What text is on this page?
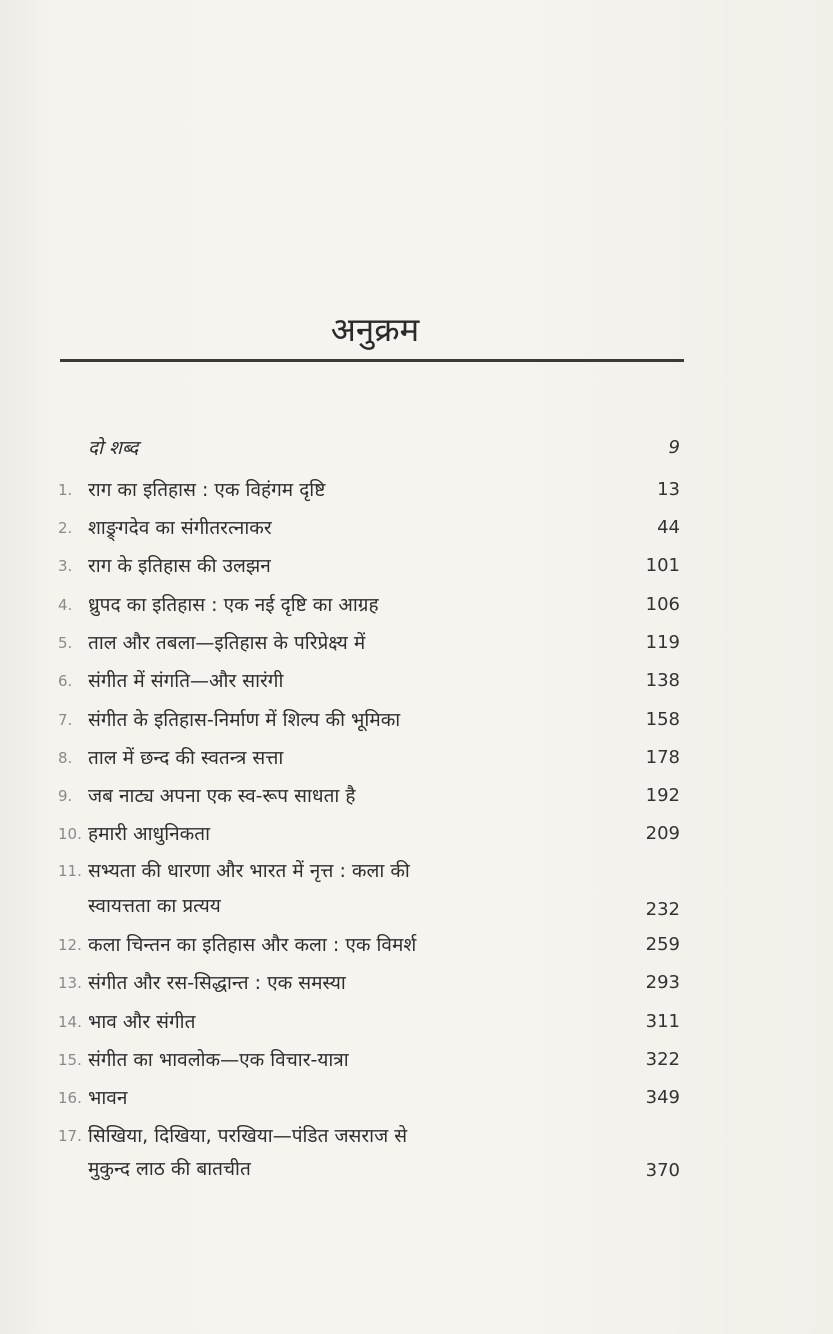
अनुक्रम
दो शब्द	9
1. राग का इतिहास : एक विहंगम दृष्टि	13
2. शाङ्र्गदेव का संगीतरत्नाकर	44
3. राग के इतिहास की उलझन	101
4. ध्रुपद का इतिहास : एक नई दृष्टि का आग्रह	106
5. ताल और तबला—इतिहास के परिप्रेक्ष्य में	119
6. संगीत में संगति—और सारंगी	138
7. संगीत के इतिहास-निर्माण में शिल्प की भूमिका	158
8. ताल में छन्द की स्वतन्त्र सत्ता	178
9. जब नाट्य अपना एक स्व-रूप साधता है	192
10. हमारी आधुनिकता	209
11. सभ्यता की धारणा और भारत में नृत्त : कला की
स्वायत्तता का प्रत्यय	232
12. कला चिन्तन का इतिहास और कला : एक विमर्श	259
13. संगीत और रस-सिद्धान्त : एक समस्या	293
14. भाव और संगीत	311
15. संगीत का भावलोक—एक विचार-यात्रा	322
16. भावन	349
17. सिखिया, दिखिया, परखिया—पंडित जसराज से
मुकुन्द लाठ की बातचीत	370
